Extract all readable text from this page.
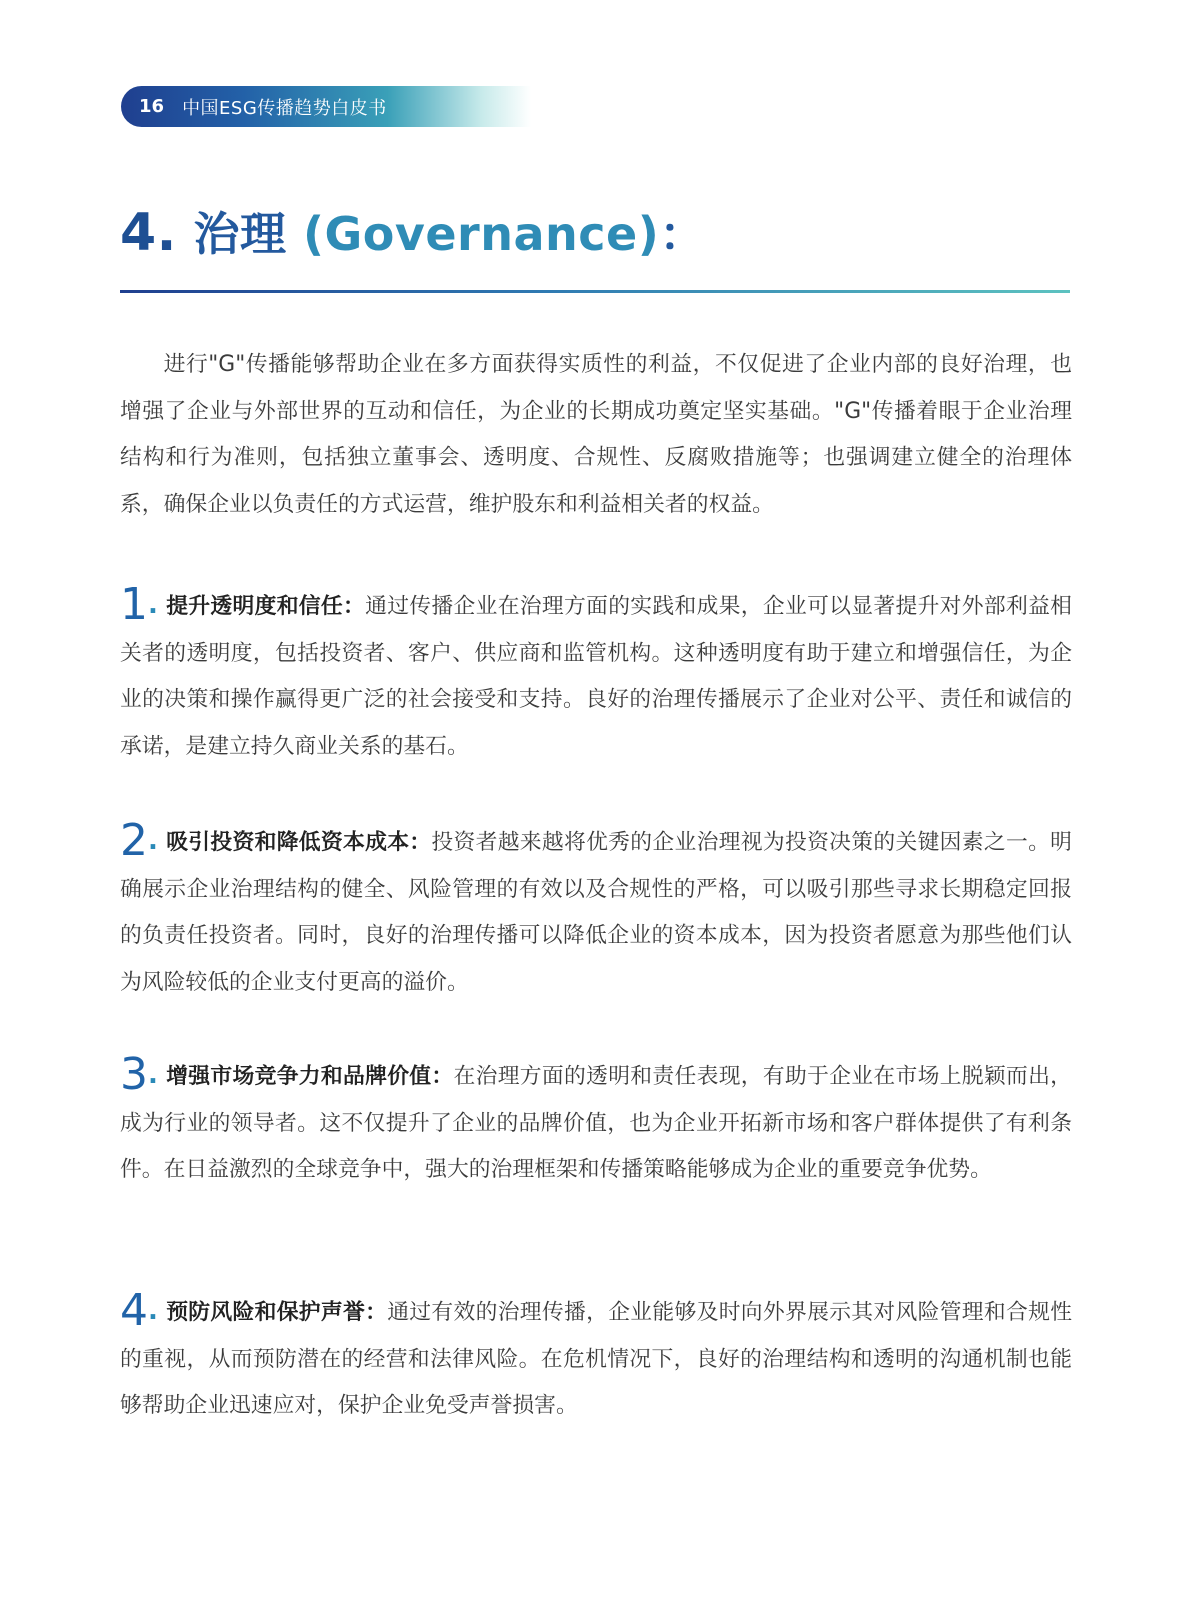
16 中国ESG传播趋势白皮书
4. 治理 (Governance)：

进行"G"传播能够帮助企业在多方面获得实质性的利益，不仅促进了企业内部的良好治理，也增强了企业与外部世界的互动和信任，为企业的长期成功奠定坚实基础。"G"传播着眼于企业治理结构和行为准则，包括独立董事会、透明度、合规性、反腐败措施等；也强调建立健全的治理体系，确保企业以负责任的方式运营，维护股东和利益相关者的权益。

1. 提升透明度和信任：通过传播企业在治理方面的实践和成果，企业可以显著提升对外部利益相关者的透明度，包括投资者、客户、供应商和监管机构。这种透明度有助于建立和增强信任，为企业的决策和操作赢得更广泛的社会接受和支持。良好的治理传播展示了企业对公平、责任和诚信的承诺，是建立持久商业关系的基石。

2. 吸引投资和降低资本成本：投资者越来越将优秀的企业治理视为投资决策的关键因素之一。明确展示企业治理结构的健全、风险管理的有效以及合规性的严格，可以吸引那些寻求长期稳定回报的负责任投资者。同时，良好的治理传播可以降低企业的资本成本，因为投资者愿意为那些他们认为风险较低的企业支付更高的溢价。

3. 增强市场竞争力和品牌价值：在治理方面的透明和责任表现，有助于企业在市场上脱颖而出，成为行业的领导者。这不仅提升了企业的品牌价值，也为企业开拓新市场和客户群体提供了有利条件。在日益激烈的全球竞争中，强大的治理框架和传播策略能够成为企业的重要竞争优势。

4. 预防风险和保护声誉：通过有效的治理传播，企业能够及时向外界展示其对风险管理和合规性的重视，从而预防潜在的经营和法律风险。在危机情况下，良好的治理结构和透明的沟通机制也能够帮助企业迅速应对，保护企业免受声誉损害。
